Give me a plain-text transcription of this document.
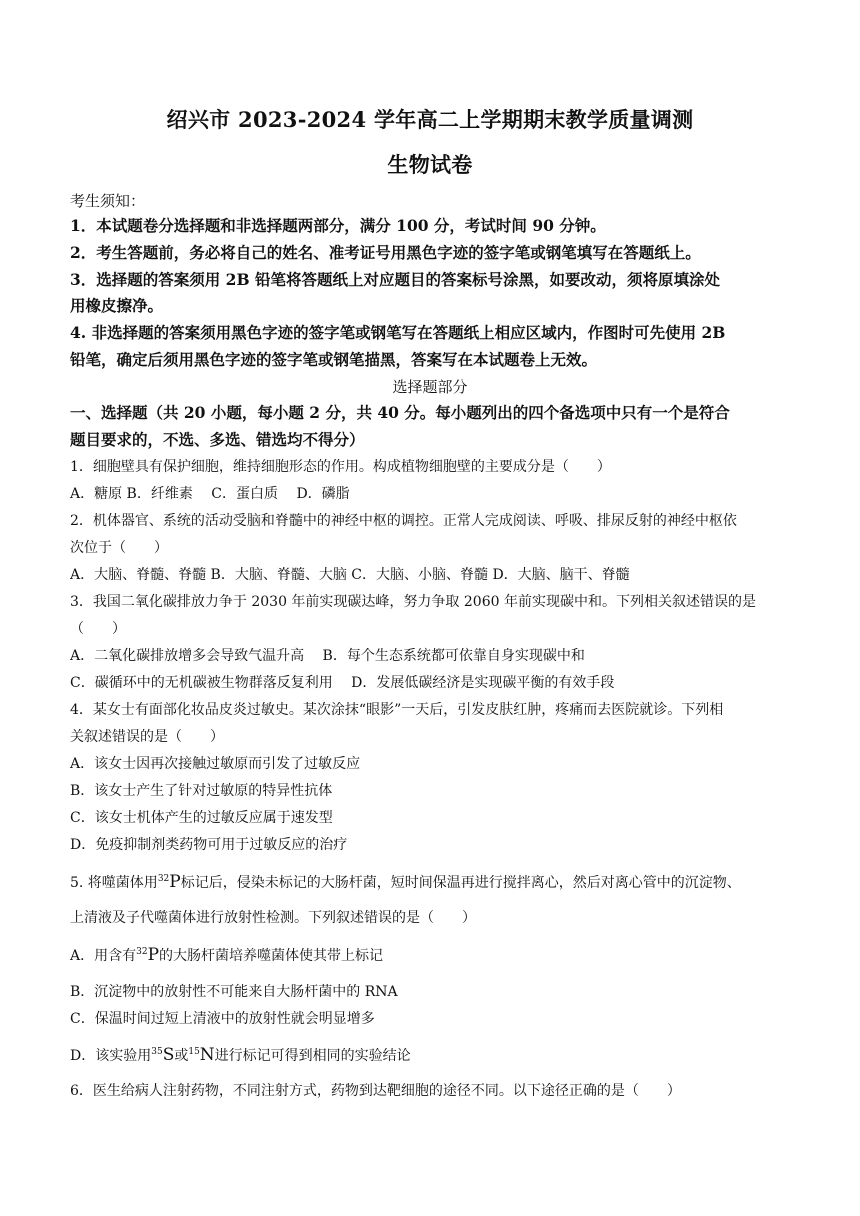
绍兴市 2023-2024 学年高二上学期期末教学质量调测
生物试卷
考生须知：
1．本试题卷分选择题和非选择题两部分，满分 100 分，考试时间 90 分钟。
2．考生答题前，务必将自己的姓名、准考证号用黑色字迹的签字笔或钢笔填写在答题纸上。
3．选择题的答案须用 2B 铅笔将答题纸上对应题目的答案标号涂黑，如要改动，须将原填涂处
用橡皮擦净。
4. 非选择题的答案须用黑色字迹的签字笔或钢笔写在答题纸上相应区域内，作图时可先使用 2B
铅笔，确定后须用黑色字迹的签字笔或钢笔描黑，答案写在本试题卷上无效。
选择题部分
一、选择题（共 20 小题，每小题 2 分，共 40 分。每小题列出的四个备选项中只有一个是符合
题目要求的，不选、多选、错选均不得分）
1．细胞壁具有保护细胞，维持细胞形态的作用。构成植物细胞壁的主要成分是（　　）
A．糖原 B．纤维素　 C．蛋白质　 D．磷脂
2．机体器官、系统的活动受脑和脊髓中的神经中枢的调控。正常人完成阅读、呼吸、排尿反射的神经中枢依
次位于（　　）
A．大脑、脊髓、脊髓 B．大脑、脊髓、大脑 C．大脑、小脑、脊髓 D．大脑、脑干、脊髓
3．我国二氧化碳排放力争于 2030 年前实现碳达峰，努力争取 2060 年前实现碳中和。下列相关叙述错误的是
（　　）
A．二氧化碳排放增多会导致气温升高　 B．每个生态系统都可依靠自身实现碳中和
C．碳循环中的无机碳被生物群落反复利用　 D．发展低碳经济是实现碳平衡的有效手段
4．某女士有面部化妆品皮炎过敏史。某次涂抹“眼影”一天后，引发皮肤红肿，疼痛而去医院就诊。下列相
关叙述错误的是（　　）
A．该女士因再次接触过敏原而引发了过敏反应
B．该女士产生了针对过敏原的特异性抗体
C．该女士机体产生的过敏反应属于速发型
D．免疫抑制剂类药物可用于过敏反应的治疗
5. 将噬菌体用$^{32}$P标记后，侵染未标记的大肠杆菌，短时间保温再进行搅拌离心，然后对离心管中的沉淀物、
上清液及子代噬菌体进行放射性检测。下列叙述错误的是（　　）
A．用含有$^{32}$P的大肠杆菌培养噬菌体使其带上标记
B．沉淀物中的放射性不可能来自大肠杆菌中的 RNA
C．保温时间过短上清液中的放射性就会明显增多
D．该实验用$^{35}$S或$^{15}$N进行标记可得到相同的实验结论
6．医生给病人注射药物，不同注射方式，药物到达靶细胞的途径不同。以下途径正确的是（　　）
